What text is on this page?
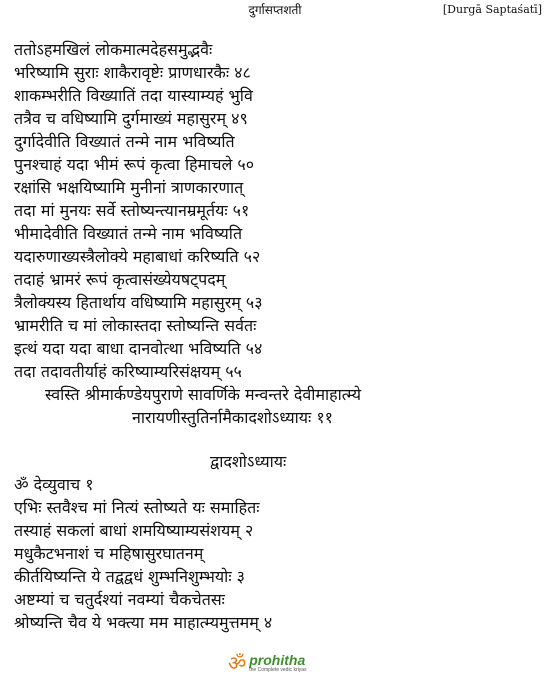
दुर्गासप्तशती	[Durgā Saptaśatī]
ततोऽहमखिलं लोकमात्मदेहसमुद्भवैः
भरिष्यामि सुराः शाकैरावृष्टेः प्राणधारकैः ४८
शाकम्भरीति विख्यातिं तदा यास्याम्यहं भुवि
तत्रैव च वधिष्यामि दुर्गमाख्यं महासुरम् ४९
दुर्गादेवीति विख्यातं तन्मे नाम भविष्यति
पुनश्चाहं यदा भीमं रूपं कृत्वा हिमाचले ५०
रक्षांसि भक्षयिष्यामि मुनीनां त्राणकारणात्
तदा मां मुनयः सर्वे स्तोष्यन्त्यानम्रमूर्तयः ५१
भीमादेवीति विख्यातं तन्मे नाम भविष्यति
यदारुणाख्यस्त्रैलोक्ये महाबाधां करिष्यति ५२
तदाहं भ्रामरं रूपं कृत्वासंख्येयषट्पदम्
त्रैलोक्यस्य हितार्थाय वधिष्यामि महासुरम् ५३
भ्रामरीति च मां लोकास्तदा स्तोष्यन्ति सर्वतः
इत्थं यदा यदा बाधा दानवोत्था भविष्यति ५४
तदा तदावतीर्याहं करिष्याम्यरिसंक्षयम् ५५
स्वस्ति श्रीमार्कण्डेयपुराणे सावर्णिके मन्वन्तरे देवीमाहात्म्ये
नारायणीस्तुतिर्नामैकादशोऽध्यायः ११
द्वादशोऽध्यायः
ॐ देव्युवाच १
एभिः स्तवैश्च मां नित्यं स्तोष्यते यः समाहितः
तस्याहं सकलां बाधां शमयिष्याम्यसंशयम् २
मधुकैटभनाशं च महिषासुरघातनम्
कीर्तयिष्यन्ति ये तद्वद्वधं शुम्भनिशुम्भयोः ३
अष्टम्यां च चतुर्दश्यां नवम्यां चैकचेतसः
श्रोष्यन्ति चैव ये भक्त्या मम माहात्म्यमुत्तमम् ४
ॐ prohitha
the Complete vedic kriyas
